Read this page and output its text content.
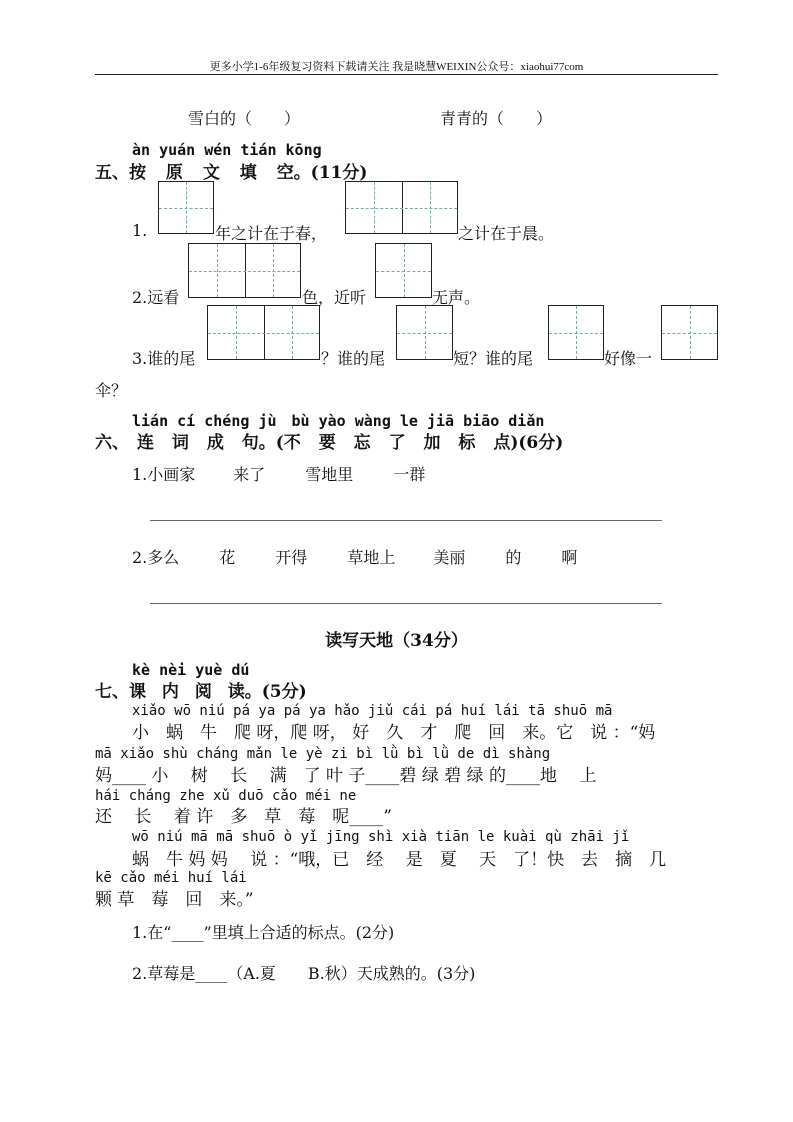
更多小学1-6年级复习资料下载请关注 我是晓慧WEIXIN公众号：xiaohui77com
雪白的（　　）	青青的（　　）
àn yuán wén tián kōng
五、按 原 文 填 空。(11分)
1.	年之计在于春，	之计在于晨。
2.远看	色，近听	无声。
3.谁的尾	？谁的尾	短？谁的尾	好像一
伞？
lián cí chéng jù bù yào wàng le jiā biāo diǎn
六、 连 词 成 句。(不 要 忘 了 加 标 点)(6分)
1.小画家 来了	雪地里	一群
2.多么	花	开得	草地上 美丽	的	啊
读写天地（34分）
kè nèi yuè dú
七、课 内 阅 读。(5分)
xiǎo wō niú pá ya pá ya hǎo jiǔ cái pá huí lái tā shuō mā
小　蜗　牛　爬 呀，爬 呀， 好　久　才　爬　回　来。它　说 ：“妈
mā xiǎo shù cháng mǎn le yè zi bì lǜ bì lǜ de dì shàng
妈____ 小　 树　 长　 满　了 叶 子____碧 绿 碧 绿 的____地　 上
hái cháng zhe xǔ duō cǎo méi ne
还　 长　 着 许　多　草　莓　呢____”
wō niú mā mā shuō ò yǐ jīng shì xià tiān le kuài qù zhāi jǐ
蜗　牛 妈 妈　 说 ：“哦，已　经　 是　夏　 天　了！快　去　摘　几
kē cǎo méi huí lái
颗 草　莓　回　来。”
1.在“____”里填上合适的标点。(2分)
2.草莓是____（A.夏　　B.秋）天成熟的。(3分)
